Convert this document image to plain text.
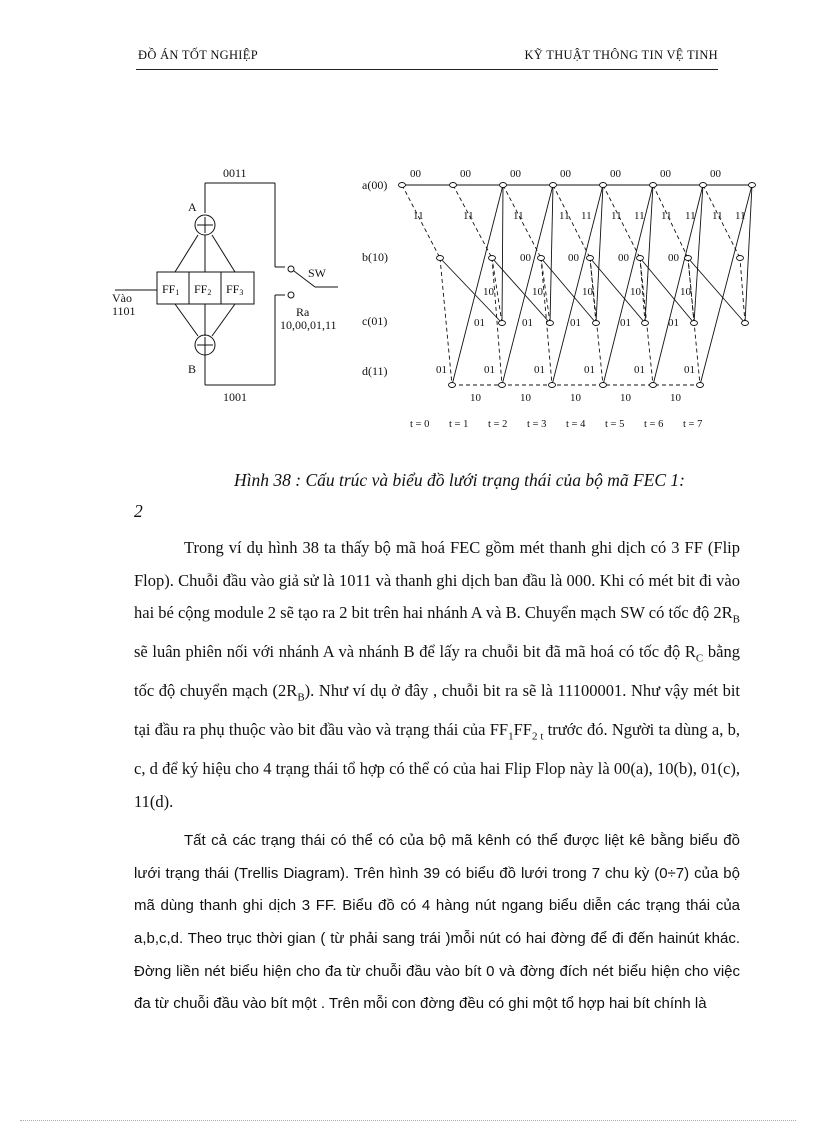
ĐỒ ÁN TỐT NGHIỆP	KỸ THUẬT THÔNG TIN VỆ TINH
0011
1001
A
B
FF1 FF2 FF3
Vào
1101
SW
Ra
10,00,01,11
a(00)
b(10)
c(01)
d(11)
00	00	00	00	00	00	00
11	11	11	11 11 11 11 11 11 11 11
00	00	00	00
10	10	10	10	10
01	01	01	01	01
01	01	01	01	01	01
10	10	10	10	10
t = 0 t = 1 t = 2 t = 3 t = 4 t = 5 t = 6 t = 7
Hình 38 : Cấu trúc và biểu đồ lưới trạng thái của bộ mã FEC 1:
2

Trong ví dụ hình 38 ta thấy bộ mã hoá FEC gồm mét thanh ghi dịch có 3 FF (Flip Flop). Chuỗi đầu vào giả sử là 1011 và thanh ghi dịch ban đầu là 000. Khi có mét bit đi vào hai bé cộng module 2 sẽ tạo ra 2 bit trên hai nhánh A và B. Chuyển mạch SW có tốc độ $2R_B$ sẽ luân phiên nối với nhánh A và nhánh B để lấy ra chuỗi bit đã mã hoá có tốc độ $R_C$ bằng tốc độ chuyển mạch $(2R_B)$. Như ví dụ ở đây , chuỗi bit ra sẽ là 11100001. Như vậy mét bit tại đầu ra phụ thuộc vào bit đầu vào và trạng thái của $FF_1FF_{2 t}$ trước đó. Người ta dùng a, b, c, d để ký hiệu cho 4 trạng thái tổ hợp có thể có của hai Flip Flop này là 00(a), 10(b), 01(c), 11(d).

Tất cả các trạng thái có thể có của bộ mã kênh có thể được liệt kê bằng biểu đồ lưới trạng thái (Trellis Diagram). Trên hình 39 có biểu đồ lưới trong 7 chu kỳ (0÷7) của bộ mã dùng thanh ghi dịch 3 FF. Biểu đồ có 4 hàng nút ngang biểu diễn các trạng thái của a,b,c,d. Theo trục thời gian ( từ phải sang trái )mỗi nút có hai đờng để đi đến hainút khác. Đờng liền nét biểu hiện cho đa từ chuỗi đầu vào bít 0 và đờng đích nét biểu hiện cho việc đa từ chuỗi đầu vào bít một . Trên mỗi con đờng đều có ghi một tổ hợp hai bít chính là
